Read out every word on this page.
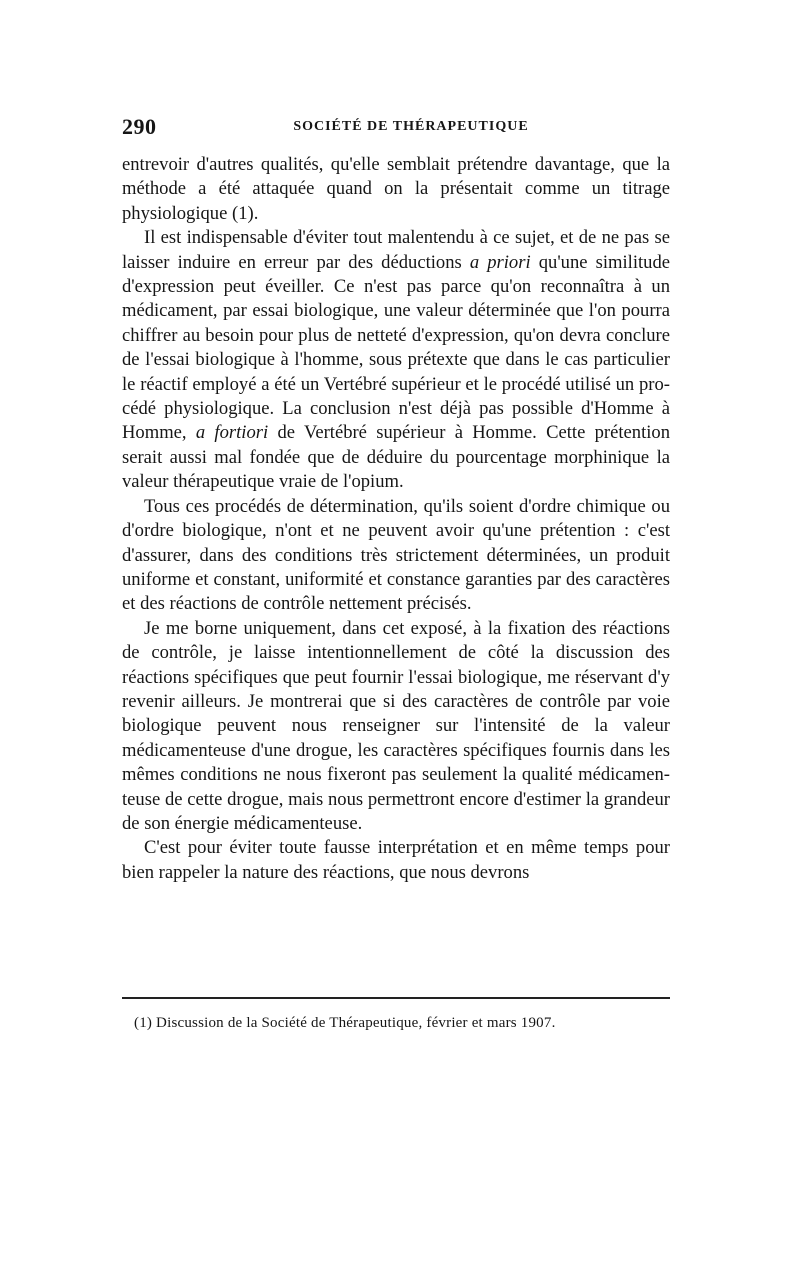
290	SOCIÉTÉ DE THÉRAPEUTIQUE

entrevoir d'autres qualités, qu'elle semblait prétendre davantage, que la méthode a été attaquée quand on la présentait comme un titrage physiologique (1).

Il est indispensable d'éviter tout malentendu à ce sujet, et de ne pas se laisser induire en erreur par des déductions a priori qu'une similitude d'expression peut éveiller. Ce n'est pas parce qu'on reconnaîtra à un médicament, par essai biologique, une valeur déterminée que l'on pourra chiffrer au besoin pour plus de netteté d'expression, qu'on devra conclure de l'essai biologique à l'homme, sous prétexte que dans le cas particulier le réactif employé a été un Vertébré supérieur et le procédé utilisé un procédé physiologique. La conclusion n'est déjà pas possible d'Homme à Homme, a fortiori de Vertébré supérieur à Homme. Cette prétention serait aussi mal fondée que de déduire du pourcentage morphinique la valeur thérapeutique vraie de l'opium.

Tous ces procédés de détermination, qu'ils soient d'ordre chimique ou d'ordre biologique, n'ont et ne peuvent avoir qu'une prétention : c'est d'assurer, dans des conditions très strictement déterminées, un produit uniforme et constant, uniformité et constance garanties par des caractères et des réactions de contrôle nettement précisés.

Je me borne uniquement, dans cet exposé, à la fixation des réactions de contrôle, je laisse intentionnellement de côté la discussion des réactions spécifiques que peut fournir l'essai biologique, me réservant d'y revenir ailleurs. Je montrerai que si des caractères de contrôle par voie biologique peuvent nous renseigner sur l'intensité de la valeur médicamenteuse d'une drogue, les caractères spécifiques fournis dans les mêmes conditions ne nous fixeront pas seulement la qualité médicamenteuse de cette drogue, mais nous permettront encore d'estimer la grandeur de son énergie médicamenteuse.

C'est pour éviter toute fausse interprétation et en même temps pour bien rappeler la nature des réactions, que nous devrons

(1) Discussion de la Société de Thérapeutique, février et mars 1907.
